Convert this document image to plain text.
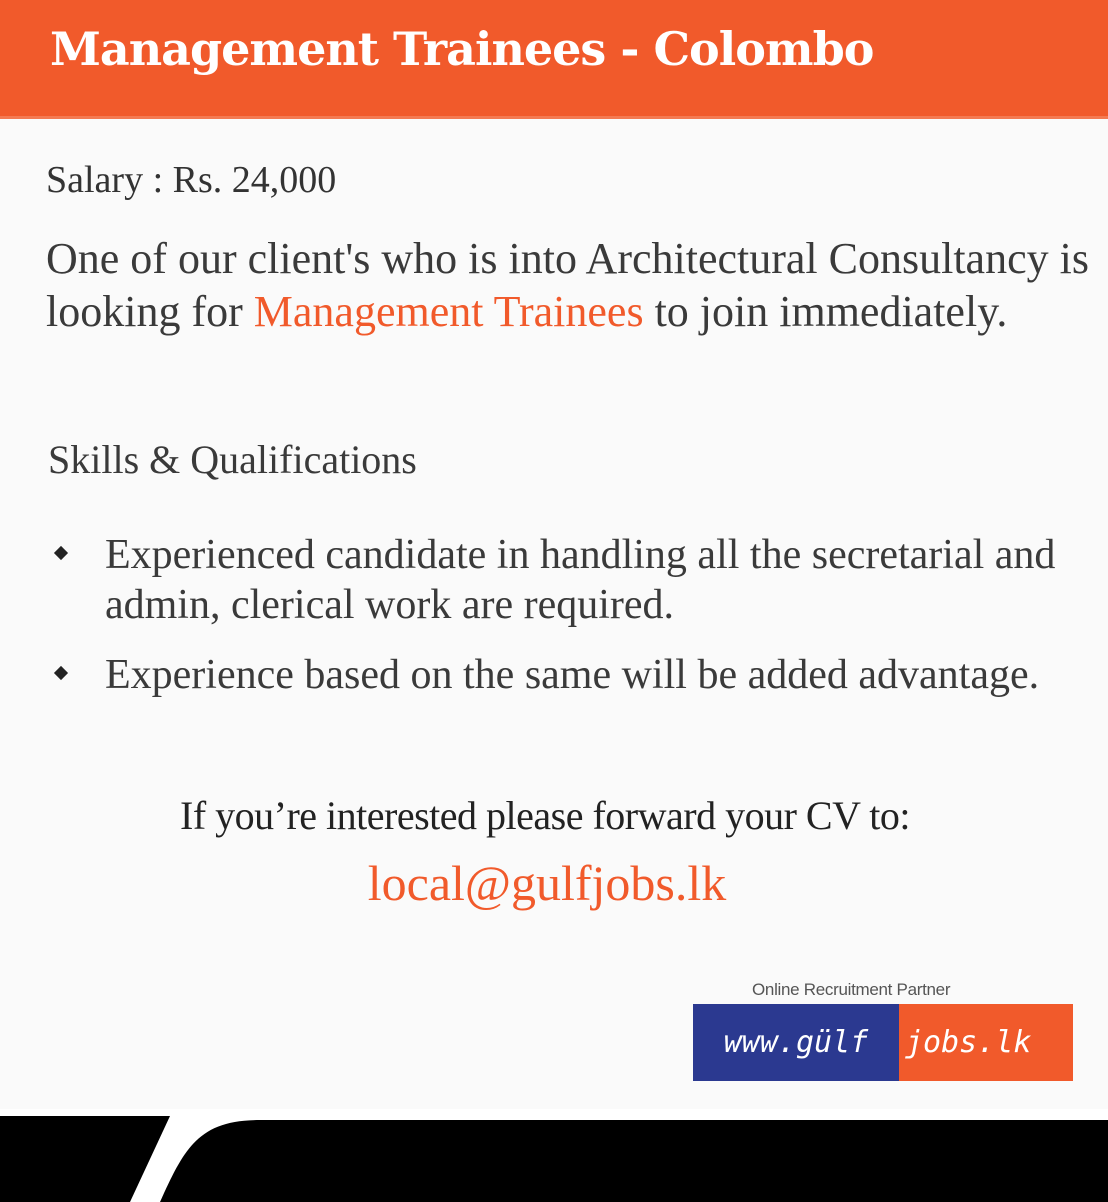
Management Trainees - Colombo
Salary : Rs. 24,000
One of our client's who is into Architectural Consultancy is looking for Management Trainees to join immediately.
Skills & Qualifications
Experienced candidate in handling all the secretarial and admin, clerical work are required.
Experience based on the same will be added advantage.
If you’re interested please forward your CV to:
local@gulfjobs.lk
Online Recruitment Partner
www.gülf	jobs.lk
